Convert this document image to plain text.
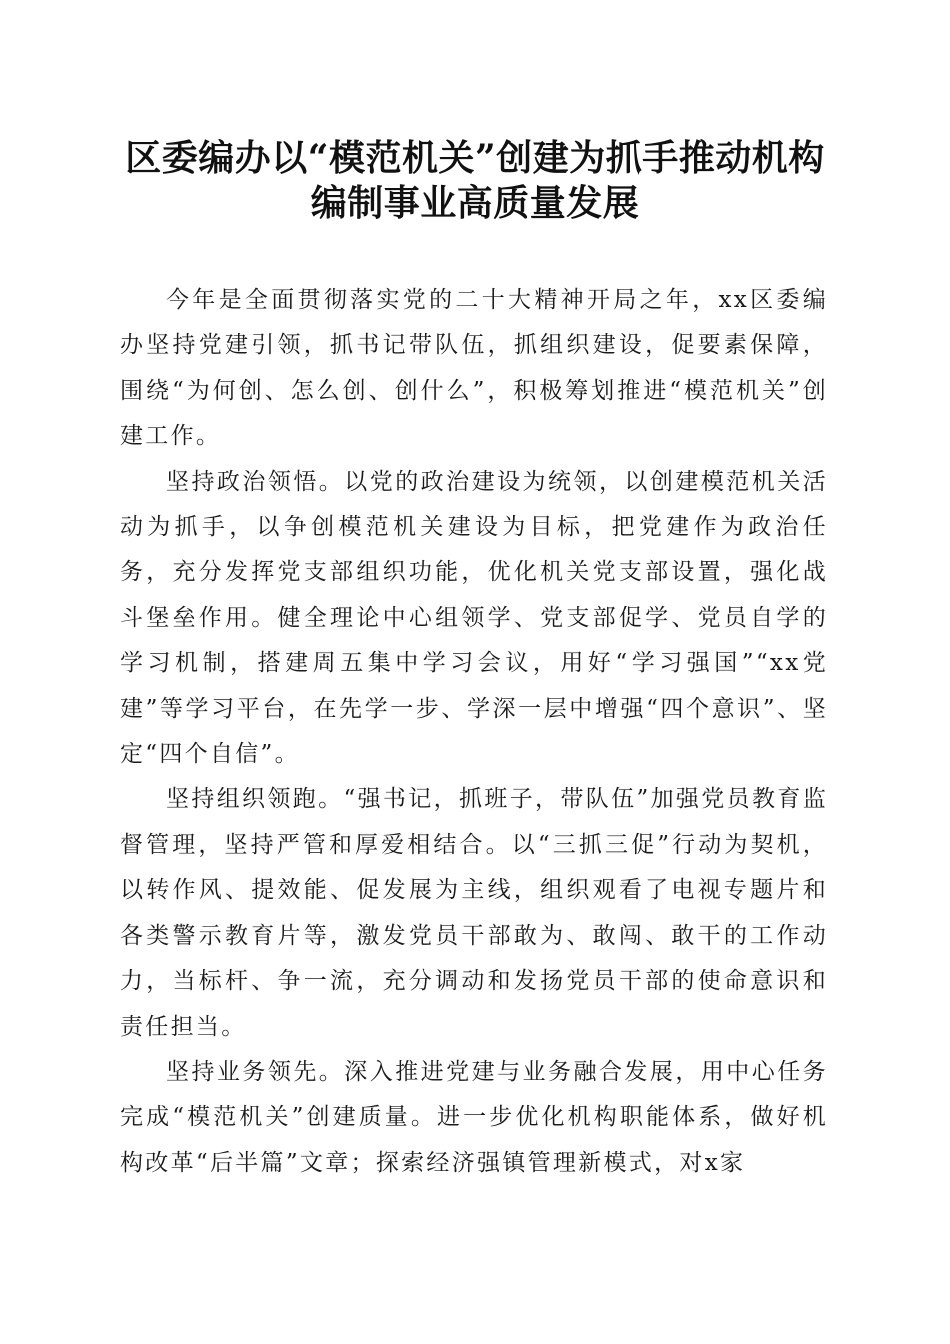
区委编办以“模范机关”创建为抓手推动机构
编制事业高质量发展

今年是全面贯彻落实党的二十大精神开局之年，xx区委编办坚持党建引领，抓书记带队伍，抓组织建设，促要素保障，围绕“为何创、怎么创、创什么”，积极筹划推进“模范机关”创建工作。

坚持政治领悟。以党的政治建设为统领，以创建模范机关活动为抓手，以争创模范机关建设为目标，把党建作为政治任务，充分发挥党支部组织功能，优化机关党支部设置，强化战斗堡垒作用。健全理论中心组领学、党支部促学、党员自学的学习机制，搭建周五集中学习会议，用好“学习强国”“xx党建”等学习平台，在先学一步、学深一层中增强“四个意识”、坚定“四个自信”。

坚持组织领跑。“强书记，抓班子，带队伍”加强党员教育监督管理，坚持严管和厚爱相结合。以“三抓三促”行动为契机，以转作风、提效能、促发展为主线，组织观看了电视专题片和各类警示教育片等，激发党员干部敢为、敢闯、敢干的工作动力，当标杆、争一流，充分调动和发扬党员干部的使命意识和责任担当。

坚持业务领先。深入推进党建与业务融合发展，用中心任务完成“模范机关”创建质量。进一步优化机构职能体系，做好机构改革“后半篇”文章；探索经济强镇管理新模式，对x家
